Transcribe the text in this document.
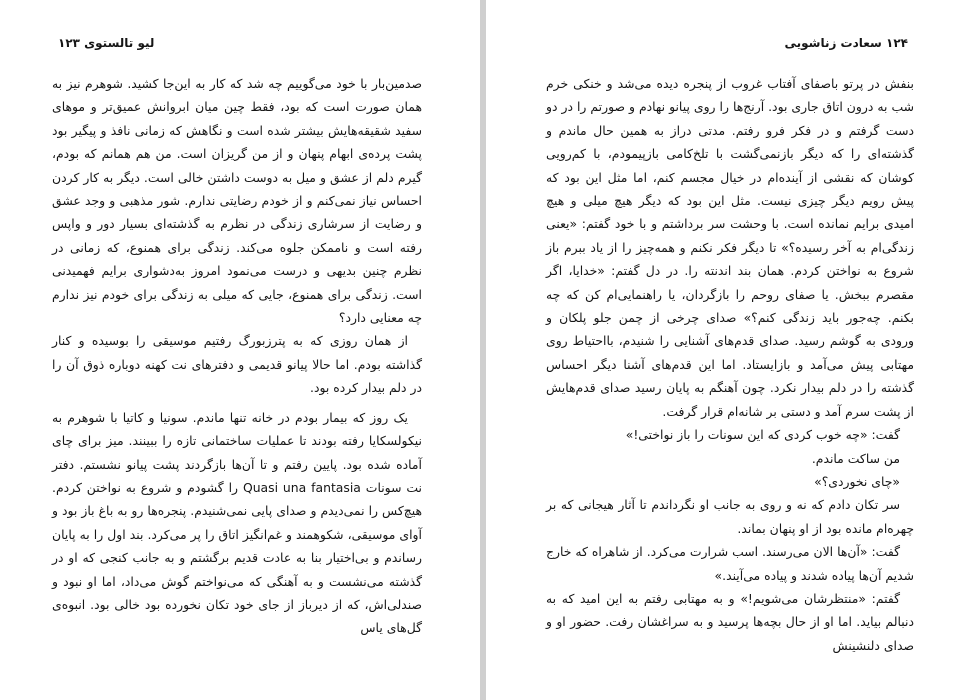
لیو تالستوی ۱۲۳

صدمین‌بار با خود می‌گوییم چه شد که کار به این‌جا کشید. شوهرم نیز به همان صورت است که بود، فقط چین میان ابروانش عمیق‌تر و موهای سفید شقیقه‌هایش بیشتر شده است و نگاهش که زمانی نافذ و پیگیر بود پشت پرده‌ی ابهام پنهان و از من گریزان است. من هم همانم که بودم، گیرم دلم از عشق و میل به دوست داشتن خالی است. دیگر به کار کردن احساس نیاز نمی‌کنم و از خودم رضایتی ندارم. شور مذهبی و وجد عشق و رضایت از سرشاری زندگی در نظرم به گذشته‌ای بسیار دور و واپس رفته است و ناممکن جلوه می‌کند. زندگی برای همنوع، که زمانی در نظرم چنین بدیهی و درست می‌نمود امروز به‌دشواری برایم فهمیدنی است. زندگی برای همنوع، جایی که میلی به زندگی برای خودم نیز ندارم چه معنایی دارد؟

از همان روزی که به پترزبورگ رفتیم موسیقی را بوسیده و کنار گذاشته بودم. اما حالا پیانو قدیمی و دفترهای نت کهنه دوباره ذوق آن را در دلم بیدار کرده بود.

یک روز که بیمار بودم در خانه تنها ماندم. سونیا و کاتیا با شوهرم به نیکولسکایا رفته بودند تا عملیات ساختمانی تازه را ببینند. میز برای چای آماده شده بود. پایین رفتم و تا آن‌ها بازگردند پشت پیانو نشستم. دفتر نت سونات Quasi una fantasia را گشودم و شروع به نواختن کردم. هیچ‌کس را نمی‌دیدم و صدای پایی نمی‌شنیدم. پنجره‌ها رو به باغ باز بود و آوای موسیقی، شکوهمند و غم‌انگیز اتاق را پر می‌کرد. بند اول را به پایان رساندم و بی‌اختیار بنا به عادت قدیم برگشتم و به جانب کنجی که او در گذشته می‌نشست و به آهنگی که می‌نواختم گوش می‌داد، اما او نبود و صندلی‌اش، که از دیرباز از جای خود تکان نخورده بود خالی بود. انبوه‌ی گل‌های یاس

۱۲۴ سعادت زناشویی

بنفش در پرتو باصفای آفتاب غروب از پنجره دیده می‌شد و خنکی خرم شب به درون اتاق جاری بود. آرنج‌ها را روی پیانو نهادم و صورتم را در دو دست گرفتم و در فکر فرو رفتم. مدتی دراز به همین حال ماندم و گذشته‌ای را که دیگر بازنمی‌گشت با تلخ‌کامی بازپیمودم، با کم‌رویی کوشان که نقشی از آینده‌ام در خیال مجسم کنم، اما مثل این بود که پیش رویم دیگر چیزی نیست. مثل این بود که دیگر هیچ میلی و هیچ امیدی برایم نمانده است. با وحشت سر برداشتم و با خود گفتم: «یعنی زندگی‌ام به آخر رسیده؟» تا دیگر فکر نکنم و همه‌چیز را از یاد ببرم باز شروع به نواختن کردم. همان بند اندنته را. در دل گفتم: «خدایا، اگر مقصرم ببخش. یا صفای روحم را بازگردان، یا راهنمایی‌ام کن که چه بکنم. چه‌جور باید زندگی کنم؟» صدای چرخی از چمن جلو پلکان و ورودی به گوشم رسید. صدای قدم‌های آشنایی را شنیدم، با‌احتیاط روی مهتابی پیش می‌آمد و بازایستاد. اما این قدم‌های آشنا دیگر احساس گذشته را در دلم بیدار نکرد. چون آهنگم به پایان رسید صدای قدم‌هایش از پشت سرم آمد و دستی بر شانه‌ام قرار گرفت.

گفت: «چه خوب کردی که این سونات را باز نواختی!»

من ساکت ماندم.

«چای نخوردی؟»

سر تکان دادم که نه و روی به جانب او نگرداندم تا آثار هیجانی که بر چهره‌ام مانده بود از او پنهان بماند.

گفت: «آن‌ها الان می‌رسند. اسب شرارت می‌کرد. از شاهراه که خارج شدیم آن‌ها پیاده شدند و پیاده می‌آیند.»

گفتم: «منتظرشان می‌شویم!» و به مهتابی رفتم به این امید که به دنبالم بیاید. اما او از حال بچه‌ها پرسید و به سراغشان رفت. حضور او و صدای دلنشینش
